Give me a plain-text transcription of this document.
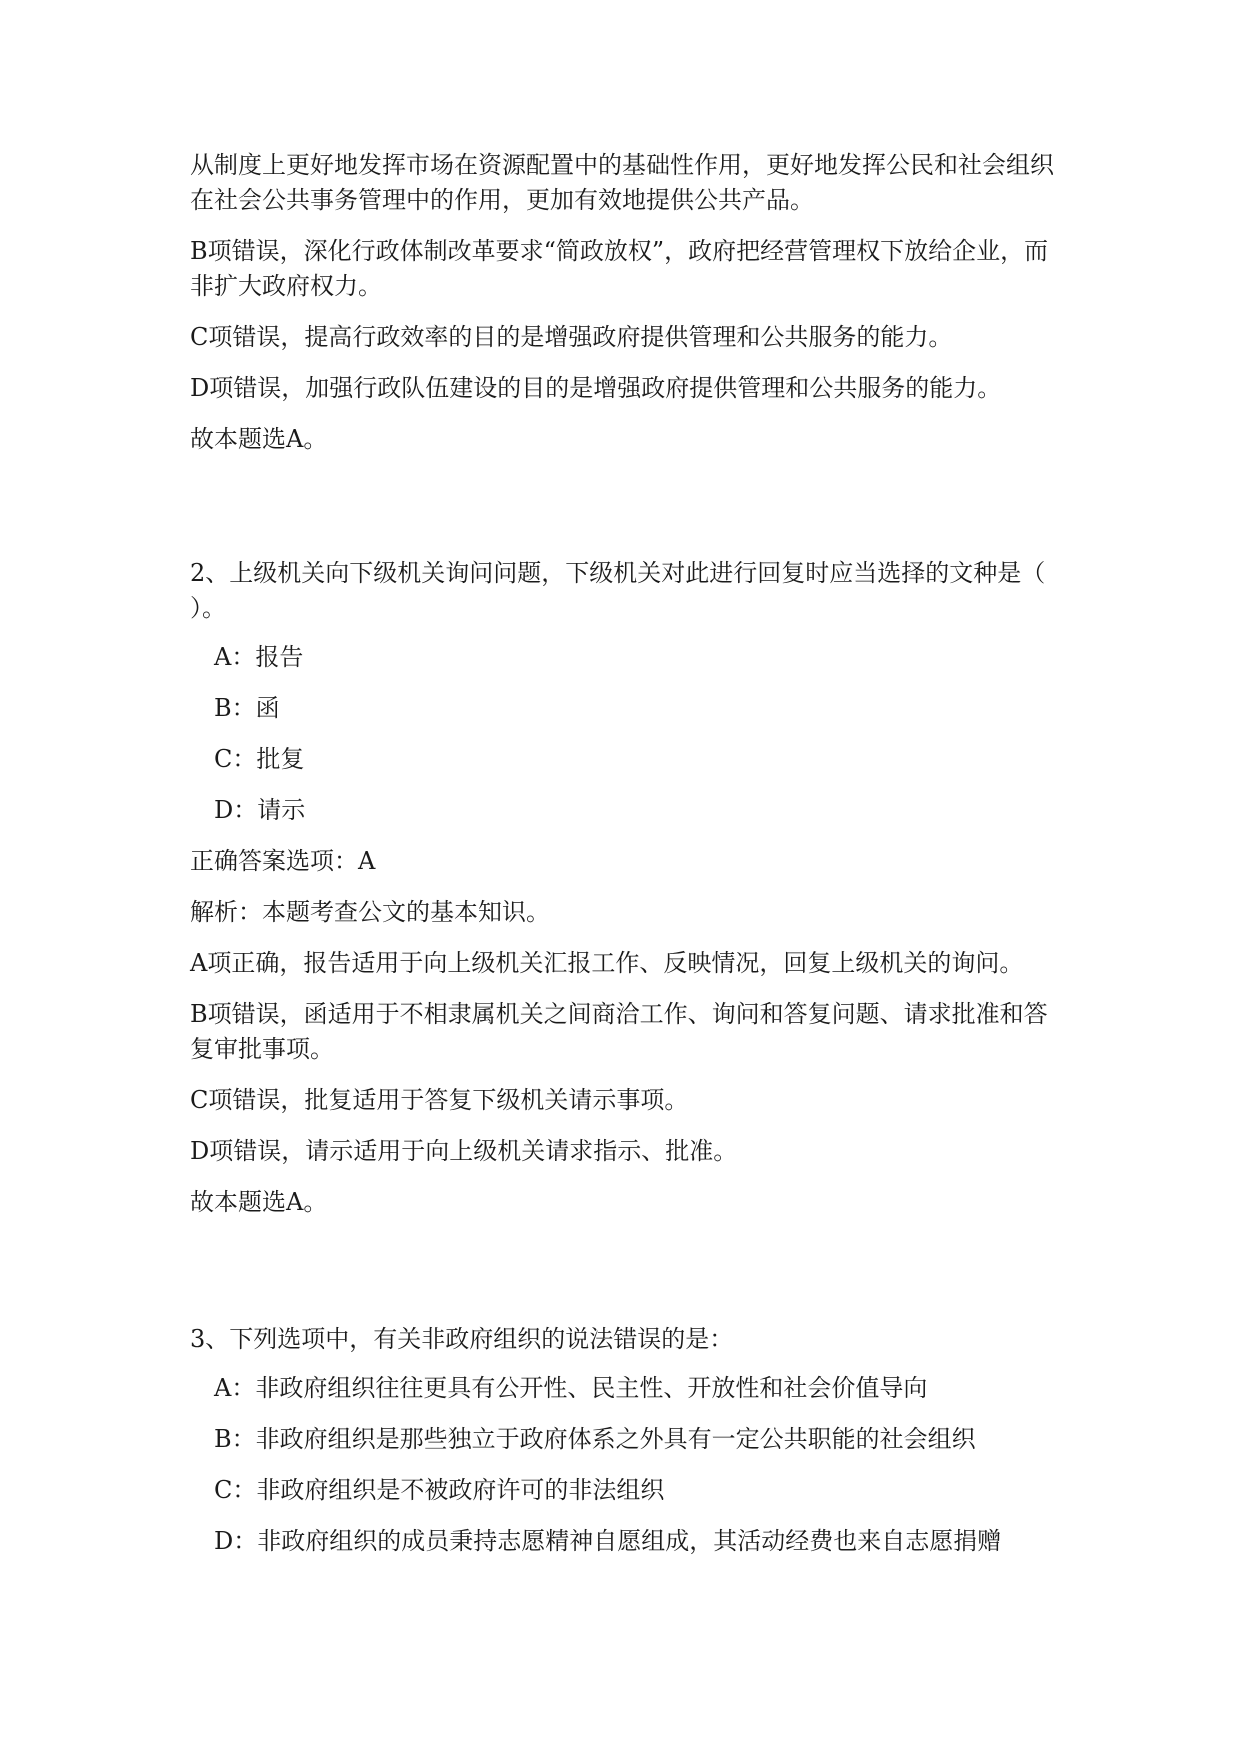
从制度上更好地发挥市场在资源配置中的基础性作用，更好地发挥公民和社会组织在社会公共事务管理中的作用，更加有效地提供公共产品。

B项错误，深化行政体制改革要求“简政放权”，政府把经营管理权下放给企业，而非扩大政府权力。

C项错误，提高行政效率的目的是增强政府提供管理和公共服务的能力。

D项错误，加强行政队伍建设的目的是增强政府提供管理和公共服务的能力。

故本题选A。

2、上级机关向下级机关询问问题，下级机关对此进行回复时应当选择的文种是（ ）。

A：报告

B：函

C：批复

D：请示

正确答案选项：A

解析：本题考查公文的基本知识。

A项正确，报告适用于向上级机关汇报工作、反映情况，回复上级机关的询问。

B项错误，函适用于不相隶属机关之间商洽工作、询问和答复问题、请求批准和答复审批事项。

C项错误，批复适用于答复下级机关请示事项。

D项错误，请示适用于向上级机关请求指示、批准。

故本题选A。

3、下列选项中，有关非政府组织的说法错误的是：

A：非政府组织往往更具有公开性、民主性、开放性和社会价值导向

B：非政府组织是那些独立于政府体系之外具有一定公共职能的社会组织

C：非政府组织是不被政府许可的非法组织

D：非政府组织的成员秉持志愿精神自愿组成，其活动经费也来自志愿捐赠
